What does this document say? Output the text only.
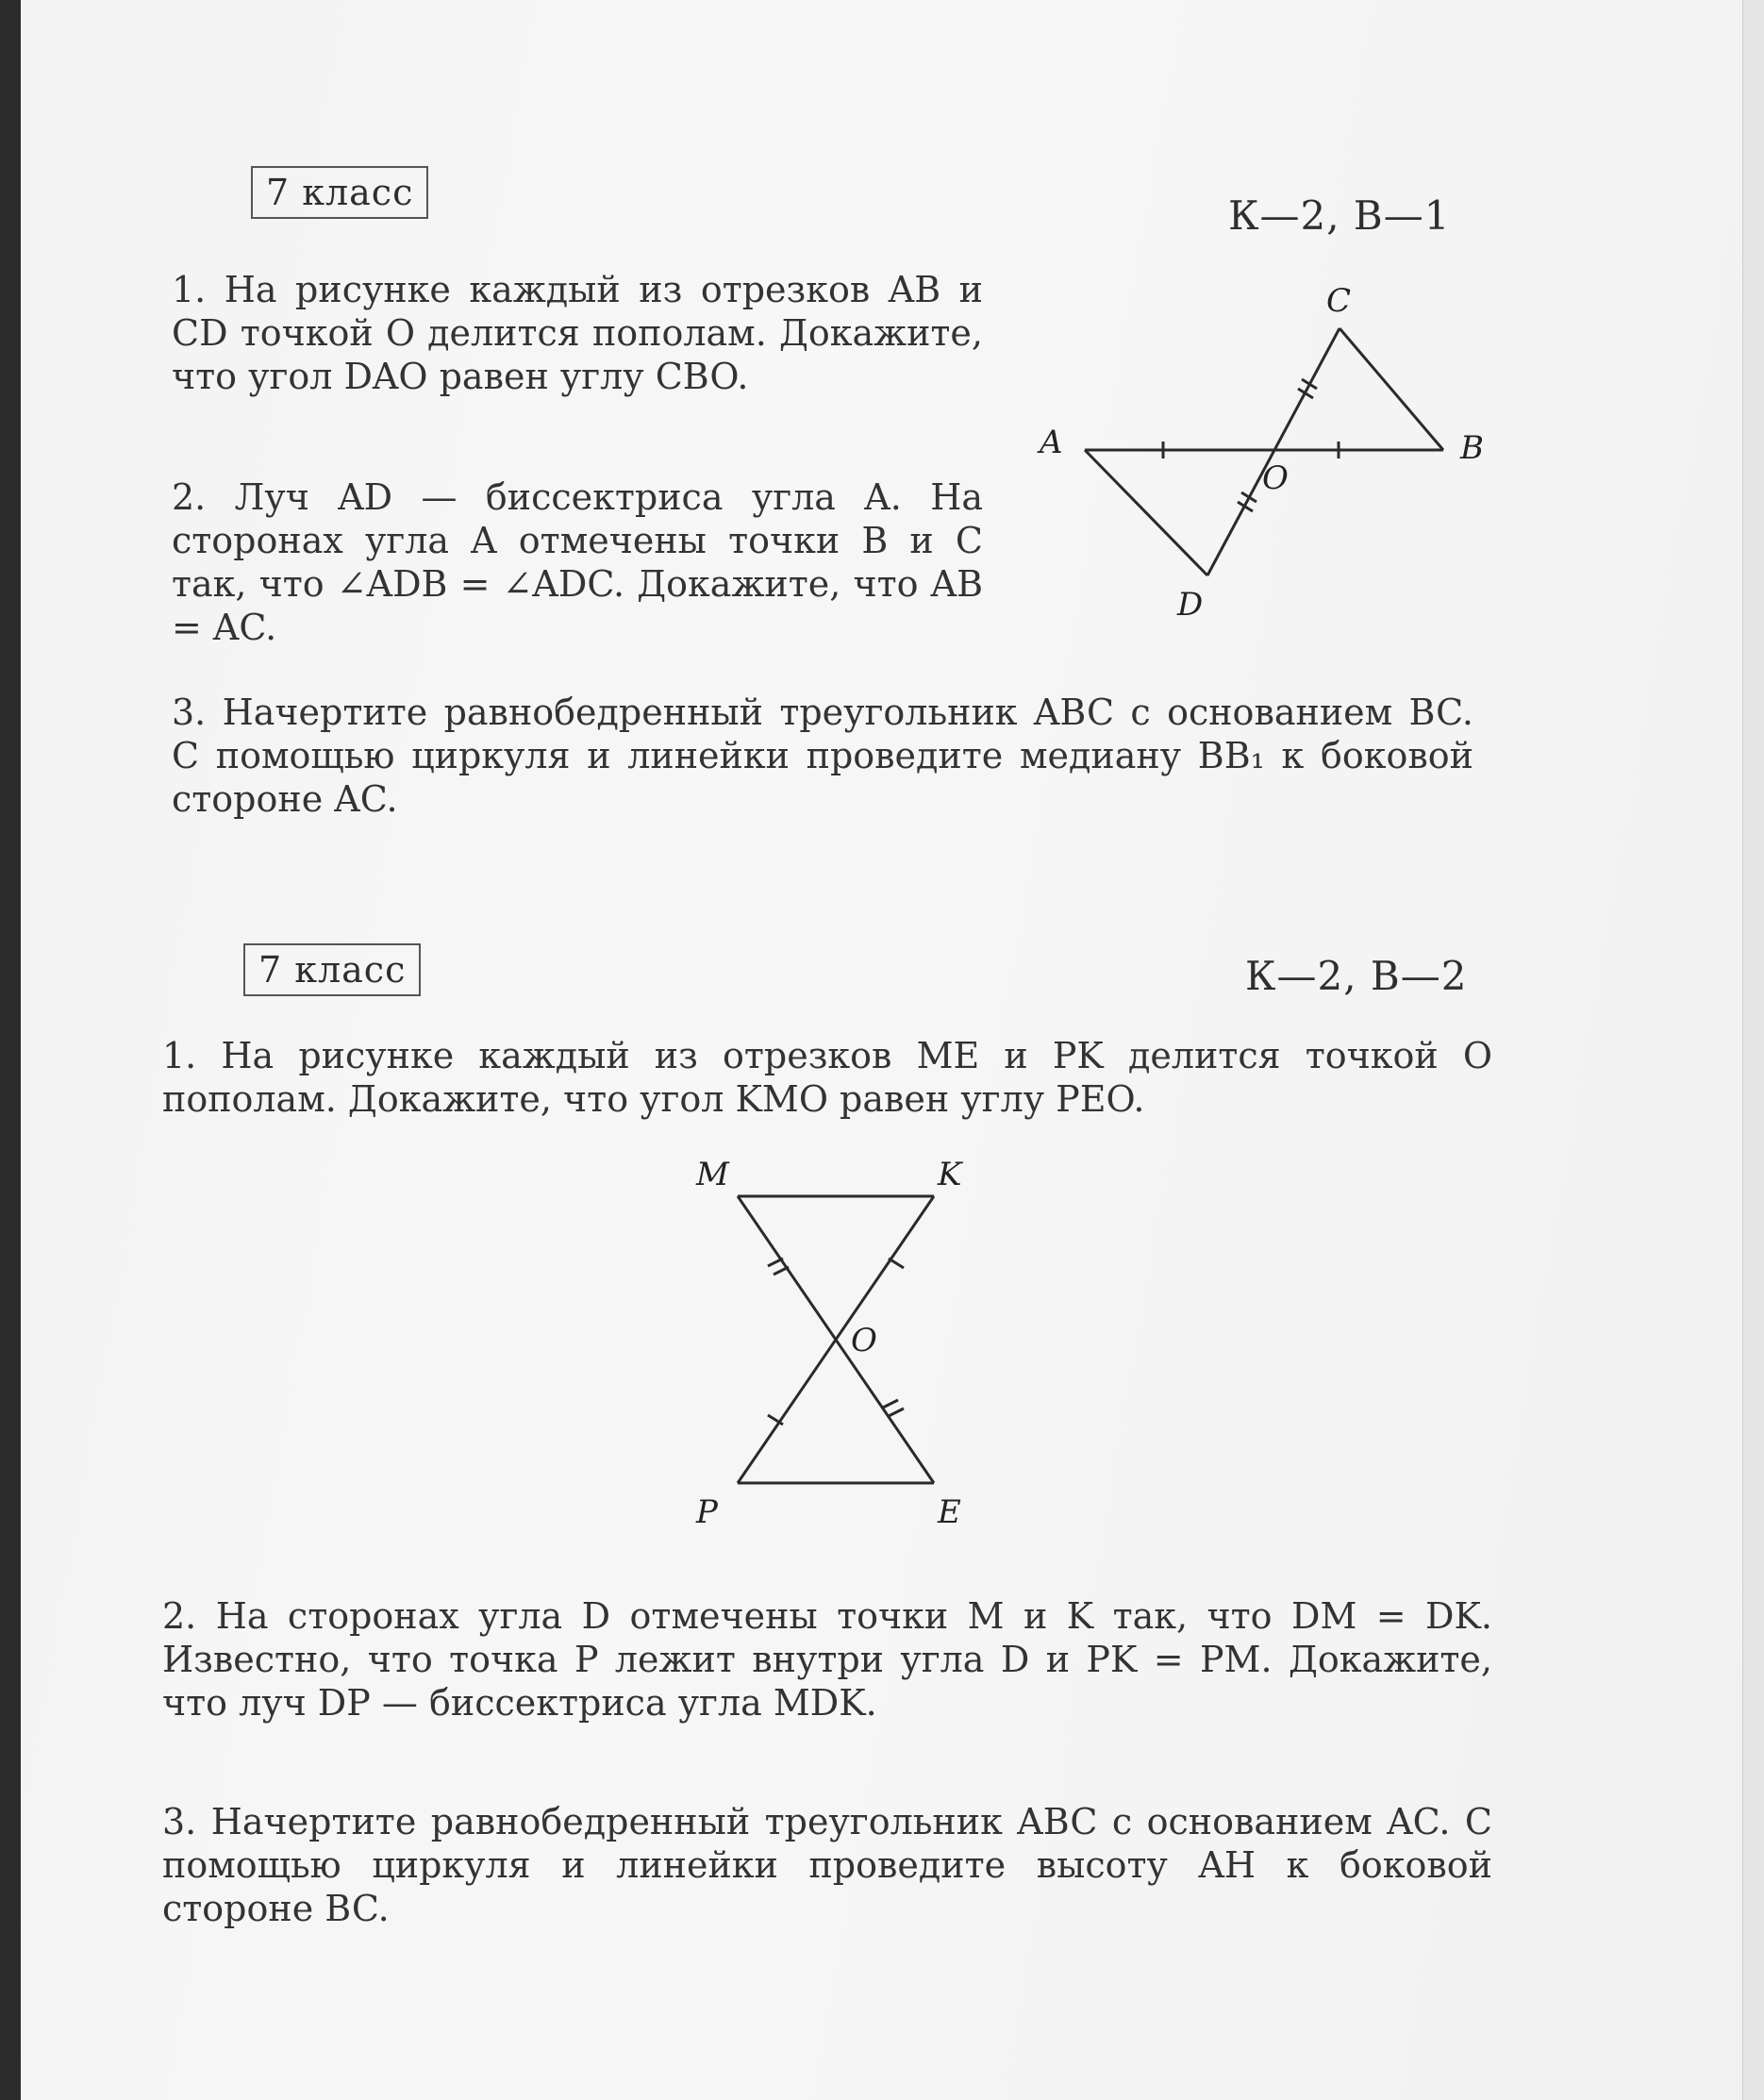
7 класс	К—2, В—1
1. На рисунке каждый из отрезков AB и CD точкой O делится пополам. Докажите, что угол DAO равен углу CBO.
2. Луч AD — биссектриса угла A. На сторонах угла A отмечены точки B и C так, что ∠ADB = ∠ADC. Докажите, что AB = AC.
3. Начертите равнобедренный треугольник ABC с основанием BC. С помощью циркуля и линейки проведите медиану BB₁ к боковой стороне AC.
A	B
C
D
O
7 класс	К—2, В—2
1. На рисунке каждый из отрезков ME и PK делится точкой O пополам. Докажите, что угол KMO равен углу PEO.
M	K
P	E
O
2. На сторонах угла D отмечены точки M и K так, что DM = DK. Известно, что точка P лежит внутри угла D и PK = PM. Докажите, что луч DP — биссектриса угла MDK.
3. Начертите равнобедренный треугольник ABC с основанием AC. С помощью циркуля и линейки проведите высоту AH к боковой стороне BC.
